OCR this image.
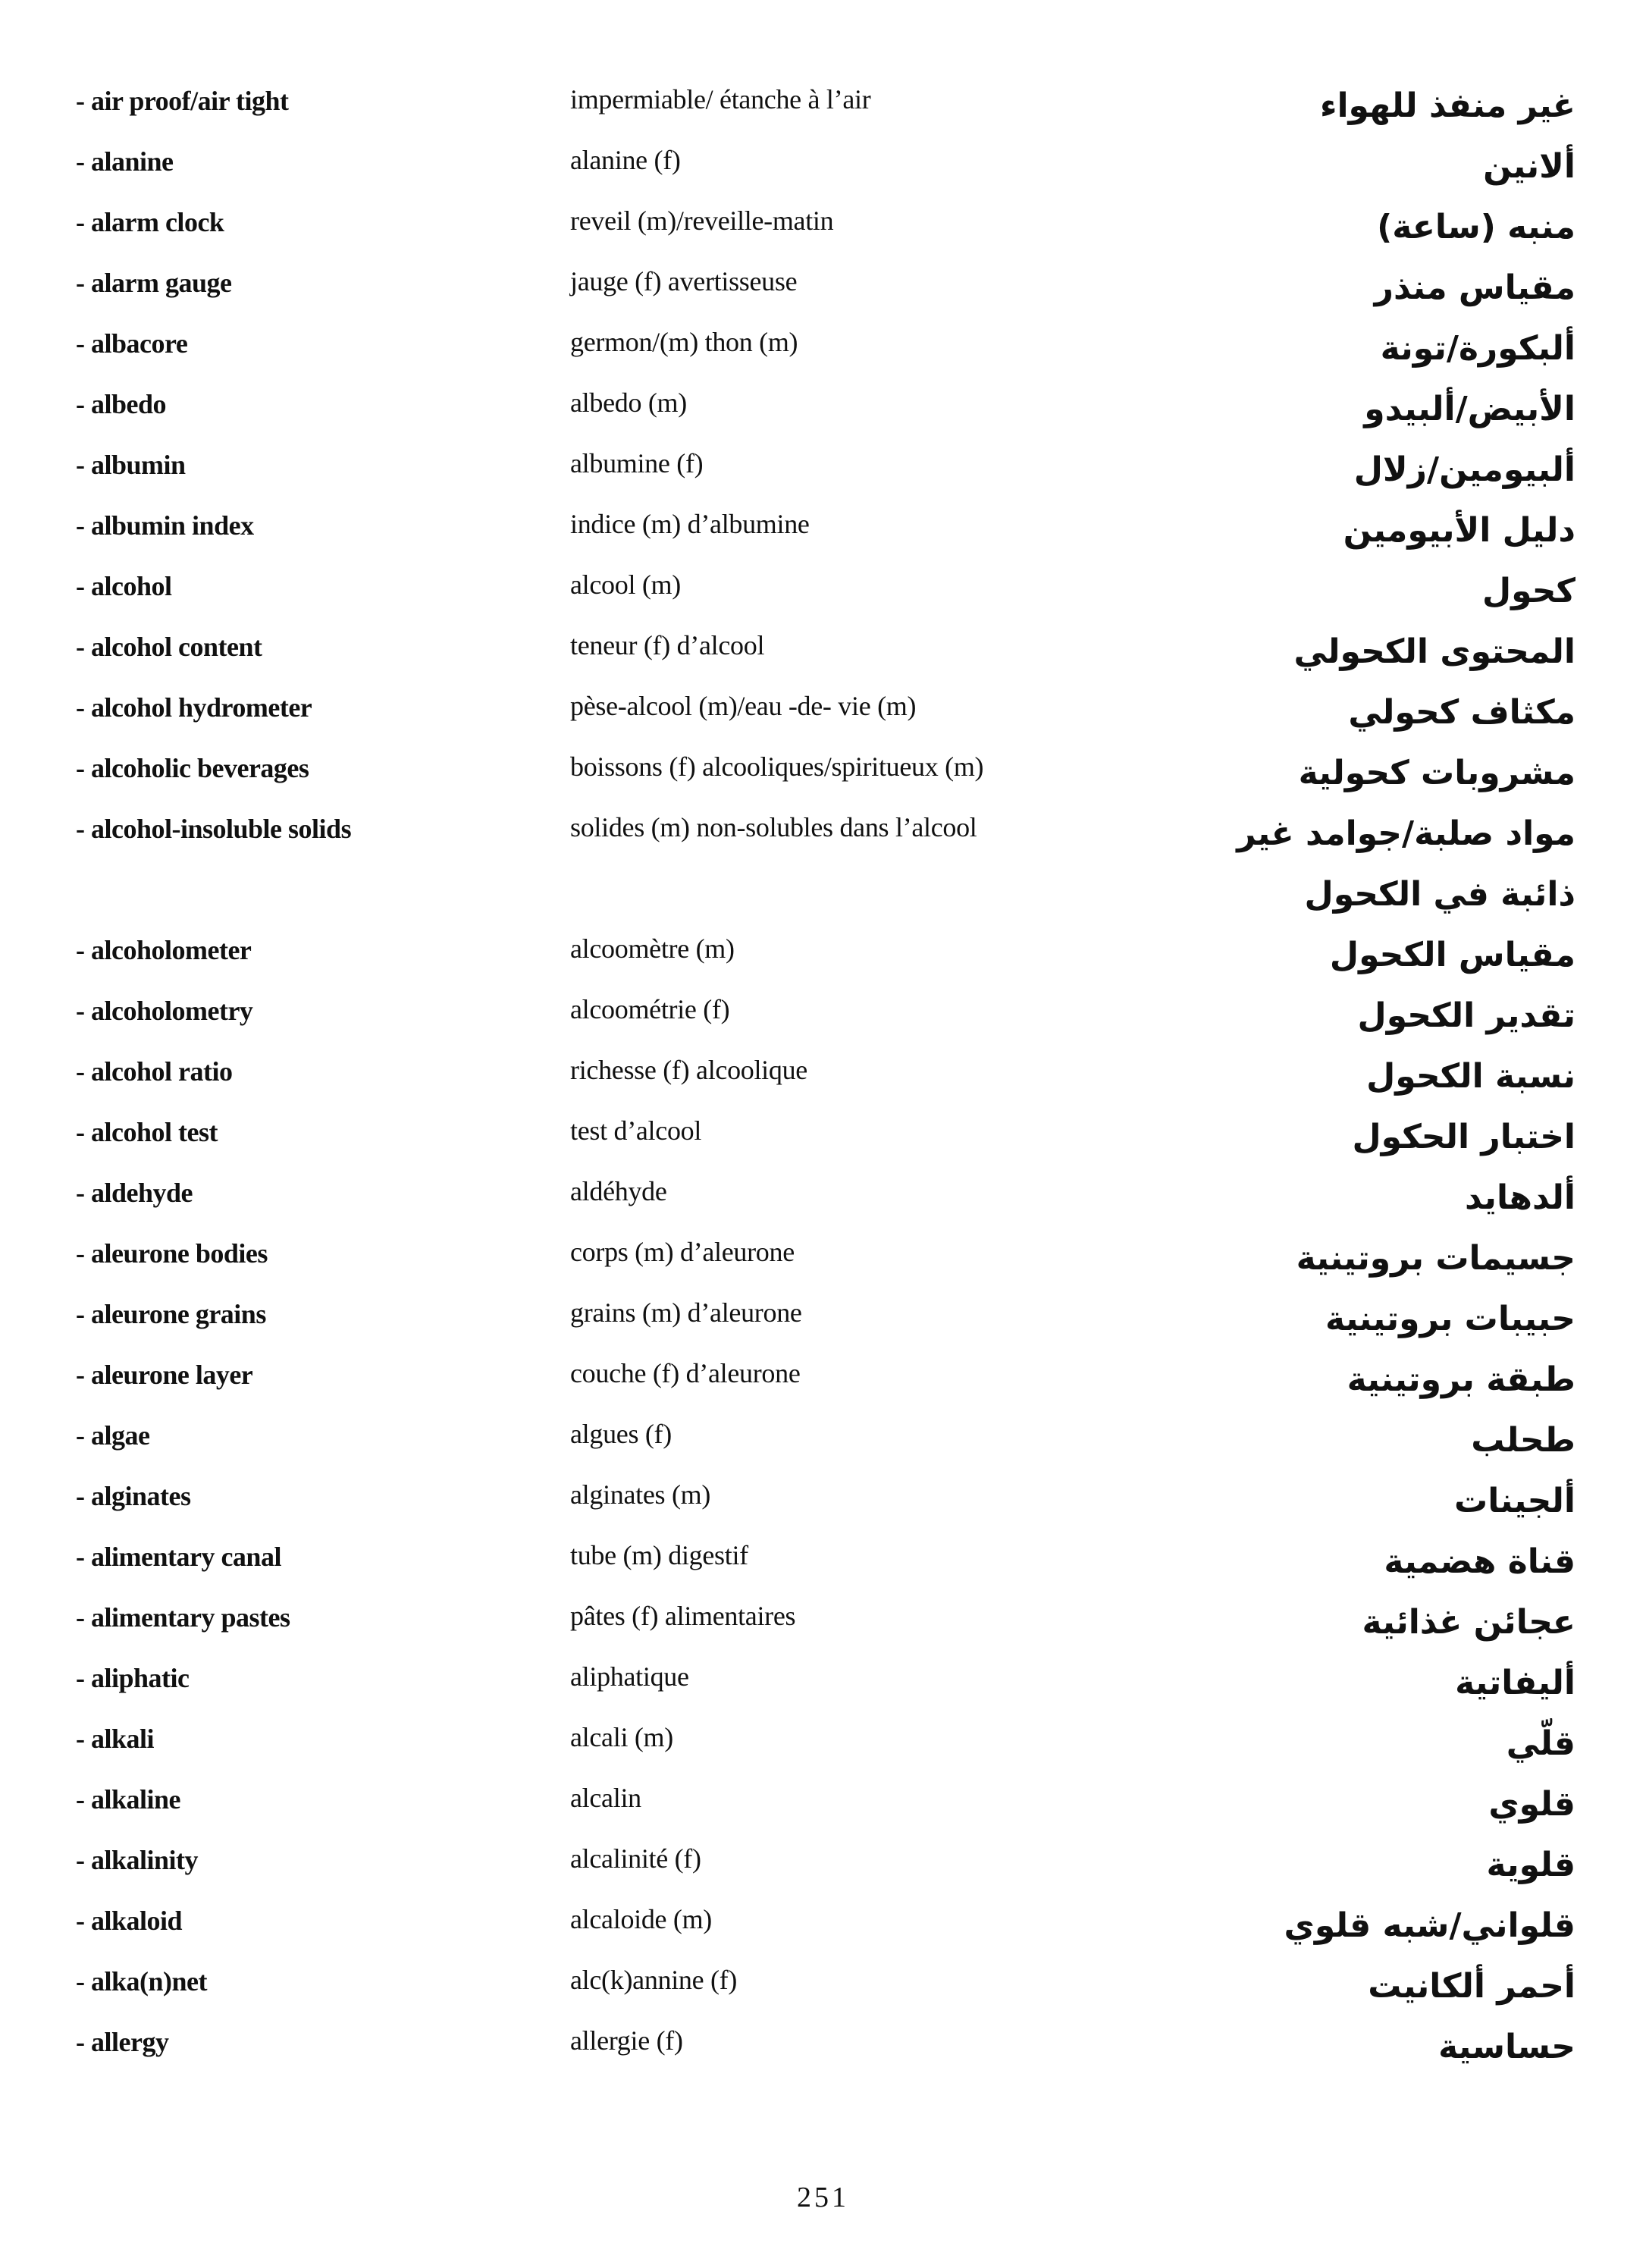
- air proof/air tight	impermiable/ étanche à l’air	غير منفذ للهواء
- alanine	alanine (f)	ألانين
- alarm clock	reveil (m)/reveille-matin	منبه (ساعة)
- alarm gauge	jauge (f) avertisseuse	مقياس منذر
- albacore	germon/(m) thon (m)	ألبكورة/تونة
- albedo	albedo (m)	الأبيض/ألبيدو
- albumin	albumine (f)	ألبيومين/زلال
- albumin index	indice (m) d’albumine	دليل الأبيومين
- alcohol	alcool (m)	كحول
- alcohol content	teneur (f) d’alcool	المحتوى الكحولي
- alcohol hydrometer	pèse-alcool (m)/eau -de- vie (m)	مكثاف كحولي
- alcoholic beverages	boissons (f) alcooliques/spiritueux (m)	مشروبات كحولية
- alcohol-insoluble solids	solides (m) non-solubles dans l’alcool	مواد صلبة/جوامد غير ذائبة في الكحول
- alcoholometer	alcoomètre (m)	مقياس الكحول
- alcoholometry	alcoométrie (f)	تقدير الكحول
- alcohol ratio	richesse (f) alcoolique	نسبة الكحول
- alcohol test	test d’alcool	اختبار الحكول
- aldehyde	aldéhyde	ألدهايد
- aleurone bodies	corps (m) d’aleurone	جسيمات بروتينية
- aleurone grains	grains (m) d’aleurone	حبيبات بروتينية
- aleurone layer	couche (f) d’aleurone	طبقة بروتينية
- algae	algues (f)	طحلب
- alginates	alginates (m)	ألجينات
- alimentary canal	tube (m) digestif	قناة هضمية
- alimentary pastes	pâtes (f) alimentaires	عجائن غذائية
- aliphatic	aliphatique	أليفاتية
- alkali	alcali (m)	قلّي
- alkaline	alcalin	قلوي
- alkalinity	alcalinité (f)	قلوية
- alkaloid	alcaloide (m)	قلواني/شبه قلوي
- alka(n)net	alc(k)annine (f)	أحمر ألكانيت
- allergy	allergie (f)	حساسية
251
